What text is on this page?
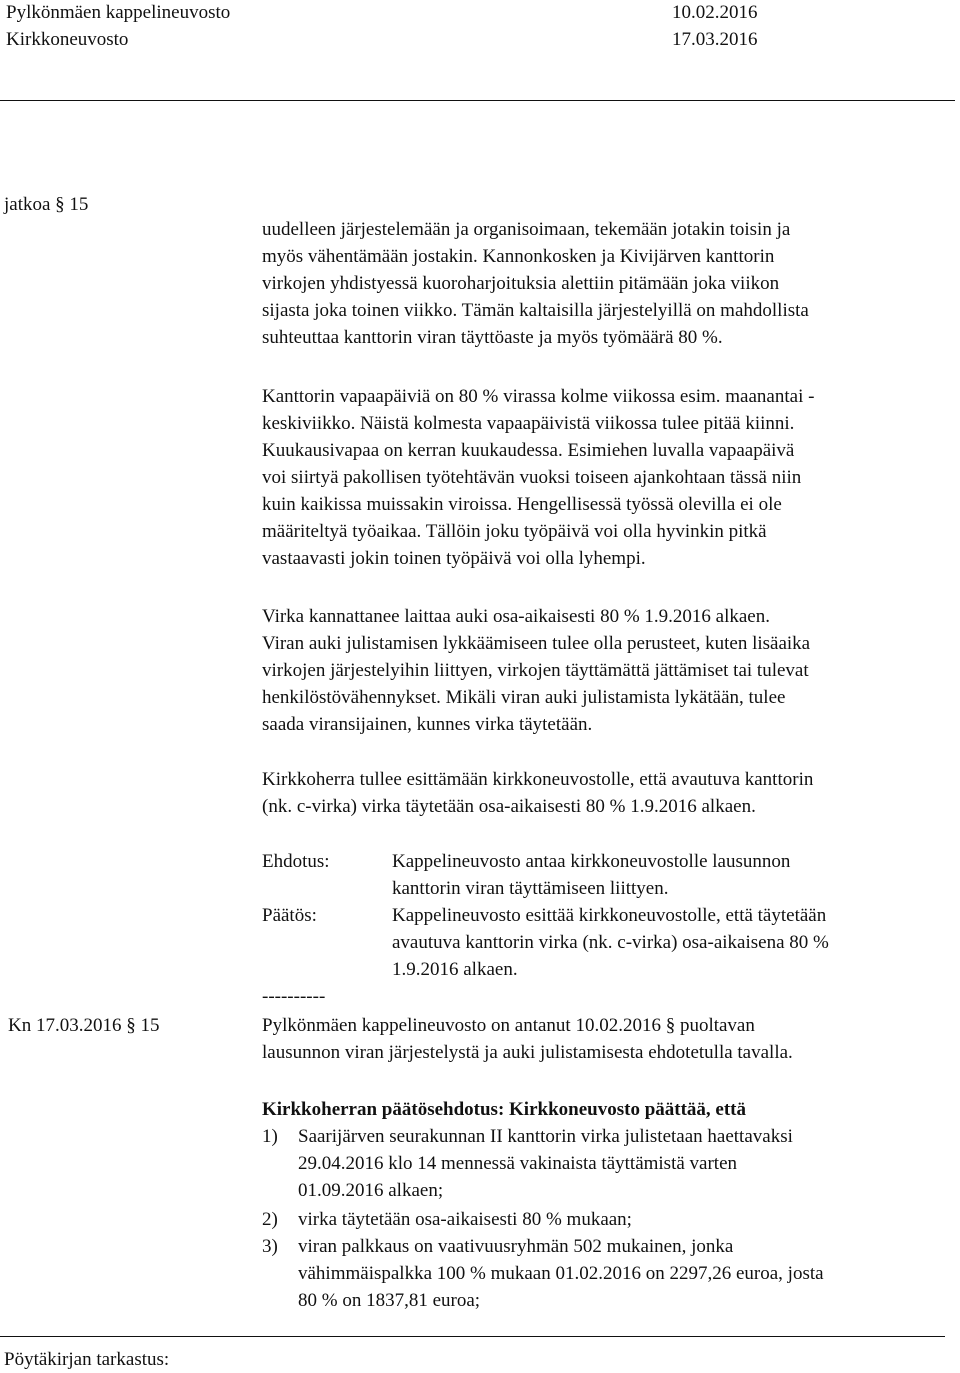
Pylkönmäen kappelineuvosto	10.02.2016
Kirkkoneuvosto	17.03.2016
jatkoa § 15
uudelleen järjestelemään ja organisoimaan, tekemään jotakin toisin ja
myös vähentämään jostakin. Kannonkosken ja Kivijärven kanttorin
virkojen yhdistyessä kuoroharjoituksia alettiin pitämään joka viikon
sijasta joka toinen viikko. Tämän kaltaisilla järjestelyillä on mahdollista
suhteuttaa kanttorin viran täyttöaste ja myös työmäärä 80 %.
Kanttorin vapaapäiviä on 80 % virassa kolme viikossa esim. maanantai -
keskiviikko. Näistä kolmesta vapaapäivistä viikossa tulee pitää kiinni.
Kuukausivapaa on kerran kuukaudessa. Esimiehen luvalla vapaapäivä
voi siirtyä pakollisen työtehtävän vuoksi toiseen ajankohtaan tässä niin
kuin kaikissa muissakin viroissa. Hengellisessä työssä olevilla ei ole
määriteltyä työaikaa. Tällöin joku työpäivä voi olla hyvinkin pitkä
vastaavasti jokin toinen työpäivä voi olla lyhempi.
Virka kannattanee laittaa auki osa-aikaisesti 80 % 1.9.2016 alkaen.
Viran auki julistamisen lykkäämiseen tulee olla perusteet, kuten lisäaika
virkojen järjestelyihin liittyen, virkojen täyttämättä jättämiset tai tulevat
henkilöstövähennykset. Mikäli viran auki julistamista lykätään, tulee
saada viransijainen, kunnes virka täytetään.
Kirkkoherra tullee esittämään kirkkoneuvostolle, että avautuva kanttorin
(nk. c-virka) virka täytetään osa-aikaisesti 80 % 1.9.2016 alkaen.
Ehdotus:	Kappelineuvosto antaa kirkkoneuvostolle lausunnon
kanttorin viran täyttämiseen liittyen.
Päätös:	Kappelineuvosto esittää kirkkoneuvostolle, että täytetään
avautuva kanttorin virka (nk. c-virka) osa-aikaisena 80 %
1.9.2016 alkaen.
----------
Kn 17.03.2016 § 15	Pylkönmäen kappelineuvosto on antanut 10.02.2016 § puoltavan
lausunnon viran järjestelystä ja auki julistamisesta ehdotetulla tavalla.
Kirkkoherran päätösehdotus: Kirkkoneuvosto päättää, että
1) Saarijärven seurakunnan II kanttorin virka julistetaan haettavaksi
29.04.2016 klo 14 mennessä vakinaista täyttämistä varten
01.09.2016 alkaen;
2) virka täytetään osa-aikaisesti 80 % mukaan;
3) viran palkkaus on vaativuusryhmän 502 mukainen, jonka
vähimmäispalkka 100 % mukaan 01.02.2016 on 2297,26 euroa, josta
80 % on 1837,81 euroa;
Pöytäkirjan tarkastus:
